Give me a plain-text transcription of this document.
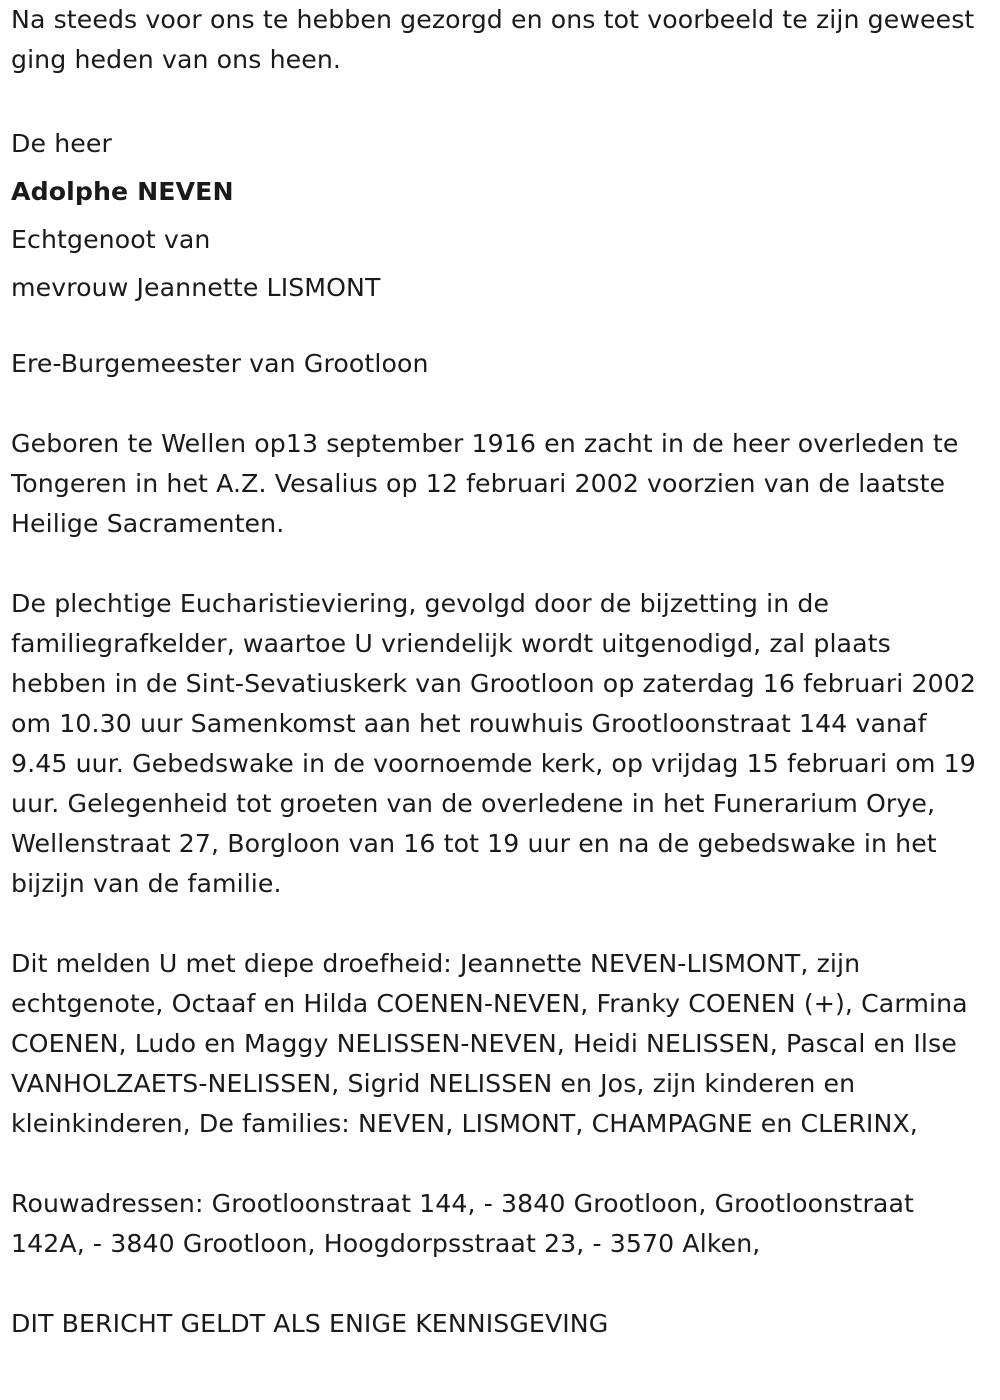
Na steeds voor ons te hebben gezorgd en ons tot voorbeeld te zijn geweest ging heden van ons heen.

De heer

Adolphe NEVEN

Echtgenoot van

mevrouw Jeannette LISMONT

Ere-Burgemeester van Grootloon

Geboren te Wellen op13 september 1916 en zacht in de heer overleden te Tongeren in het A.Z. Vesalius op 12 februari 2002 voorzien van de laatste Heilige Sacramenten.

De plechtige Eucharistieviering, gevolgd door de bijzetting in de familiegrafkelder, waartoe U vriendelijk wordt uitgenodigd, zal plaats hebben in de Sint-Sevatiuskerk van Grootloon op zaterdag 16 februari 2002 om 10.30 uur Samenkomst aan het rouwhuis Grootloonstraat 144 vanaf 9.45 uur. Gebedswake in de voornoemde kerk, op vrijdag 15 februari om 19 uur. Gelegenheid tot groeten van de overledene in het Funerarium Orye, Wellenstraat 27, Borgloon van 16 tot 19 uur en na de gebedswake in het bijzijn van de familie.

Dit melden U met diepe droefheid: Jeannette NEVEN-LISMONT, zijn echtgenote, Octaaf en Hilda COENEN-NEVEN, Franky COENEN (+), Carmina COENEN, Ludo en Maggy NELISSEN-NEVEN, Heidi NELISSEN, Pascal en Ilse VANHOLZAETS-NELISSEN, Sigrid NELISSEN en Jos, zijn kinderen en kleinkinderen, De families: NEVEN, LISMONT, CHAMPAGNE en CLERINX,

Rouwadressen: Grootloonstraat 144, - 3840 Grootloon, Grootloonstraat 142A, - 3840 Grootloon, Hoogdorpsstraat 23, - 3570 Alken,

DIT BERICHT GELDT ALS ENIGE KENNISGEVING
